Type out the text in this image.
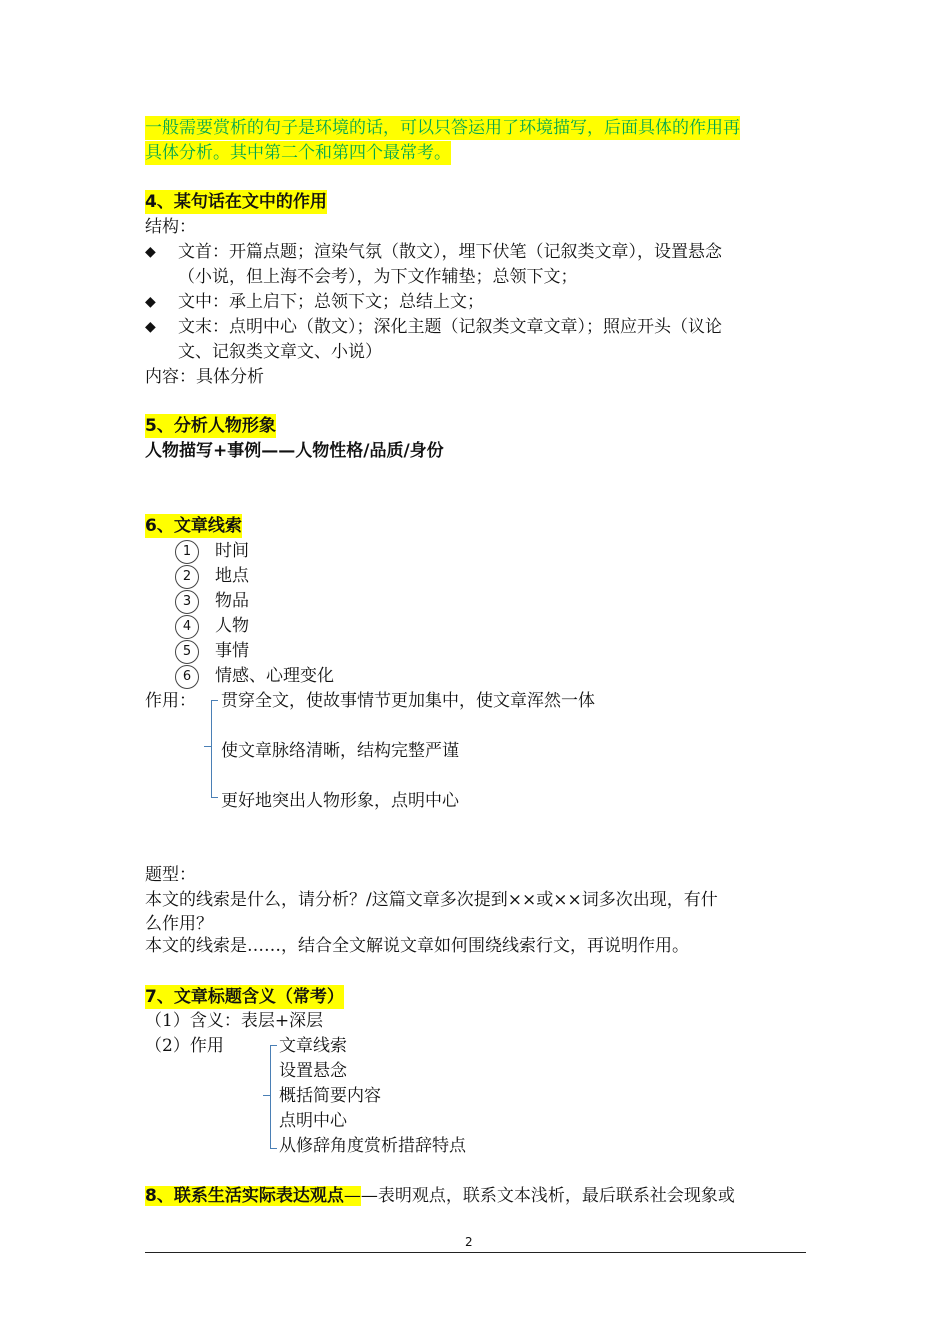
一般需要赏析的句子是环境的话，可以只答运用了环境描写，后面具体的作用再
具体分析。其中第二个和第四个最常考。
4、某句话在文中的作用
结构：
◆	文首：开篇点题；渲染气氛（散文），埋下伏笔（记叙类文章），设置悬念
（小说，但上海不会考），为下文作辅垫；总领下文；
◆	文中：承上启下；总领下文；总结上文；
◆	文末：点明中心（散文）；深化主题（记叙类文章文章）；照应开头（议论
文、记叙类文章文、小说）
内容：具体分析
5、分析人物形象
人物描写+事例——人物性格/品质/身份
6、文章线索
1 时间
2 地点
3 物品
4 人物
5 事情
6 情感、心理变化
作用： 贯穿全文，使故事情节更加集中，使文章浑然一体
使文章脉络清晰，结构完整严谨
更好地突出人物形象，点明中心
题型：
本文的线索是什么，请分析？/这篇文章多次提到××或××词多次出现，有什
么作用？
本文的线索是……，结合全文解说文章如何围绕线索行文，再说明作用。
7、文章标题含义（常考）
（1）含义：表层+深层
（2）作用	文章线索
设置悬念
概括简要内容
点明中心
从修辞角度赏析措辞特点
8、联系生活实际表达观点——表明观点，联系文本浅析，最后联系社会现象或
2
